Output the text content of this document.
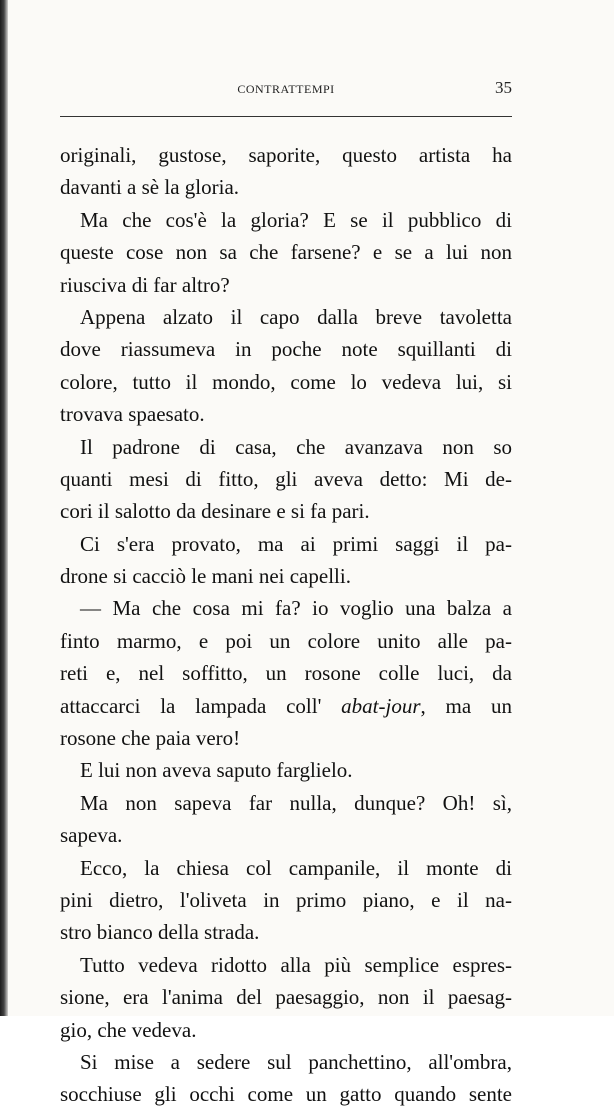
CONTRATTEMPI	35
originali, gustose, saporite, questo artista ha
davanti a sè la gloria.
Ma che cos'è la gloria? E se il pubblico di
queste cose non sa che farsene? e se a lui non
riusciva di far altro?
Appena alzato il capo dalla breve tavoletta
dove riassumeva in poche note squillanti di
colore, tutto il mondo, come lo vedeva lui, si
trovava spaesato.
Il padrone di casa, che avanzava non so
quanti mesi di fitto, gli aveva detto: Mi de-
cori il salotto da desinare e si fa pari.
Ci s'era provato, ma ai primi saggi il pa-
drone si cacciò le mani nei capelli.
— Ma che cosa mi fa? io voglio una balza a
finto marmo, e poi un colore unito alle pa-
reti e, nel soffitto, un rosone colle luci, da
attaccarci la lampada coll' abat-jour, ma un
rosone che paia vero!
E lui non aveva saputo farglielo.
Ma non sapeva far nulla, dunque? Oh! sì,
sapeva.
Ecco, la chiesa col campanile, il monte di
pini dietro, l'oliveta in primo piano, e il na-
stro bianco della strada.
Tutto vedeva ridotto alla più semplice espres-
sione, era l'anima del paesaggio, non il paesag-
gio, che vedeva.
Si mise a sedere sul panchettino, all'ombra,
socchiuse gli occhi come un gatto quando sente
